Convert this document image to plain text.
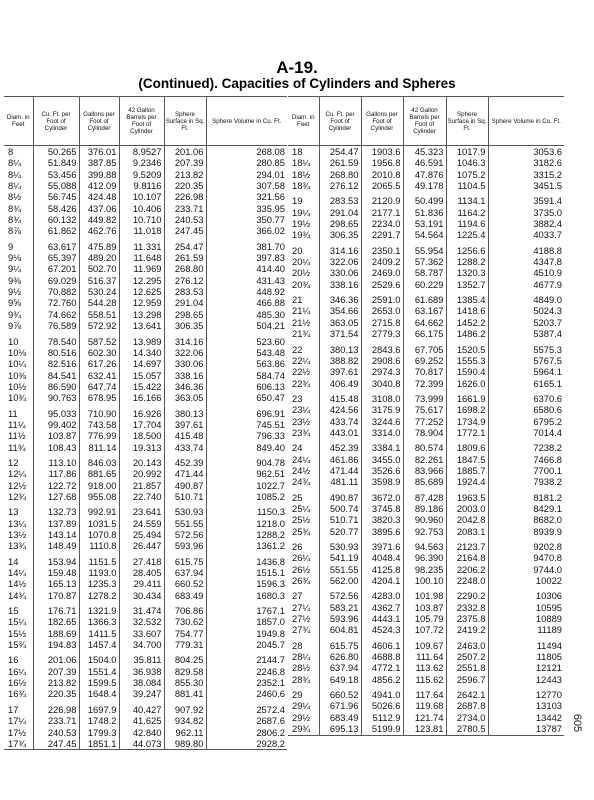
A-19.
(Continued). Capacities of Cylinders and Spheres
Diam. in Feet	Cu. Ft. per Foot of Cylinder	Gallons per Foot of Cylinder	42 Gallon Barrels per Foot of Cylinder	Sphere Surface in Sq. Ft.	Sphere Volume in Cu. Ft.
8	50.265	376.01	8.9527	201.06	268.08
8¼	51.849	387.85	9.2346	207.39	280.85
8¼	53.456	399.88	9.5209	213.82	294.01
8¼	55.088	412.09	9.8116	220.35	307.58
8½	56.745	424.48	10.107	226.98	321.56
8¾	58.426	437.06	10.406	233.71	335.95
8¾	60.132	449.82	10.710	240.53	350.77
8⅞	61.862	462.76	11.018	247.45	366.02

9	63.617	475.89	11.331	254.47	381.70
9⅛	65.397	489.20	11.648	261.59	397.83
9¼	67.201	502.70	11.969	268.80	414.40
9⅜	69.029	516.37	12.295	276.12	431.43
9½	70.882	530.24	12.625	283.53	448.92
9⅝	72.760	544.28	12.959	291.04	466.88
9¾	74.662	558.51	13.298	298.65	485.30
9⅞	76.589	572.92	13.641	306.35	504.21

10	78.540	587.52	13.989	314.16	523.60
10⅛	80.516	602.30	14.340	322.06	543.48
10¼	82.516	617.26	14.697	330.06	563.86
10⅜	84.541	632.41	15.057	338.16	584.74
10½	86.590	647.74	15.422	346.36	606.13
10¾	90.763	678.95	16.166	363.05	650.47

11	95.033	710.90	16.926	380.13	696.91
11¼	99.402	743.58	17.704	397.61	745.51
11½	103.87	776.99	18.500	415.48	796.33
11¾	108.43	811.14	19.313	433.74	849.40

12	113.10	846.03	20.143	452.39	904.78
12¼	117.86	881.65	20.992	471.44	962.51
12½	122.72	918.00	21.857	490.87	1022.7
12¾	127.68	955.08	22.740	510.71	1085.2

13	132.73	992.91	23.641	530.93	1150.3
13¼	137.89	1031.5	24.559	551.55	1218.0
13½	143.14	1070.8	25.494	572.56	1288.2
13¾	148.49	1110.8	26.447	593.96	1361.2

14	153.94	1151.5	27.418	615.75	1436.8
14¼	159.48	1193.0	28.405	637.94	1515.1
14½	165.13	1235.3	29.411	660.52	1596.3
14¾	170.87	1278.2	30.434	683.49	1680.3

15	176.71	1321.9	31.474	706.86	1767.1
15¼	182.65	1366.3	32.532	730.62	1857.0
15½	188.69	1411.5	33.607	754.77	1949.8
15¾	194.83	1457.4	34.700	779.31	2045.7

16	201.06	1504.0	35.811	804.25	2144.7
16¼	207.39	1551.4	36.938	829.58	2246.8
16½	213.82	1599.5	38.084	855.30	2352.1
16¾	220.35	1648.4	39.247	881.41	2460.6

17	226.98	1697.9	40.427	907.92	2572.4
17¼	233.71	1748.2	41.625	934.82	2687.6
17½	240.53	1799.3	42.840	962.11	2806.2
17¾	247.45	1851.1	44.073	989.80	2928.2
Diam. in Feet	Cu. Ft. per Foot of Cylinder	Gallons per Foot of Cylinder	42 Gallon Barrels per Foot of Cylinder	Sphere Surface in Sq. Ft.	Sphere Volume in Cu. Ft.
18	254.47	1903.6	45.323	1017.9	3053.6
18¼	261.59	1956.8	46.591	1046.3	3182.6
18½	268.80	2010.8	47.876	1075.2	3315.2
18¾	276.12	2065.5	49.178	1104.5	3451.5

19	283.53	2120.9	50.499	1134.1	3591.4
19¼	291.04	2177.1	51.836	1164.2	3735.0
19½	298.65	2234.0	53.191	1194.6	3882.4
19¾	306.35	2291.7	54.564	1225.4	4033.7

20	314.16	2350.1	55.954	1256.6	4188.8
20¼	322.06	2409.2	57.362	1288.2	4347.8
20½	330.06	2469.0	58.787	1320.3	4510.9
20¾	338.16	2529.6	60.229	1352.7	4677.9

21	346.36	2591.0	61.689	1385.4	4849.0
21¼	354.66	2653.0	63.167	1418.6	5024.3
21½	363.05	2715.8	64.662	1452.2	5203.7
21¾	371.54	2779.3	66.175	1486.2	5387.4

22	380.13	2843.6	67.705	1520.5	5575.3
22¼	388.82	2908.6	69.252	1555.3	5767.5
22½	397.61	2974.3	70.817	1590.4	5964.1
22¾	406.49	3040.8	72.399	1626.0	6165.1

23	415.48	3108.0	73.999	1661.9	6370.6
23¼	424.56	3175.9	75.617	1698.2	6580.6
23½	433.74	3244.6	77.252	1734.9	6795.2
23¾	443.01	3314.0	78.904	1772.1	7014.4

24	452.39	3384.1	80.574	1809.6	7238.2
24¼	461.86	3455.0	82.261	1847.5	7466.8
24½	471.44	3526.6	83.966	1885.7	7700.1
24¾	481.11	3598.9	85.689	1924.4	7938.2

25	490.87	3672.0	87.428	1963.5	8181.2
25¼	500.74	3745.8	89.186	2003.0	8429.1
25½	510.71	3820.3	90.960	2042.8	8682.0
25¾	520.77	3895.6	92.753	2083.1	8939.9

26	530.93	3971.6	94.563	2123.7	9202.8
26¼	541.19	4048.4	96.390	2164.8	9470.8
26½	551.55	4125.8	98.235	2206.2	9744.0
26¾	562.00	4204.1	100.10	2248.0	10022

27	572.56	4283.0	101.98	2290.2	10306
27¼	583.21	4362.7	103.87	2332.8	10595
27½	593.96	4443.1	105.79	2375.8	10889
27¾	604.81	4524.3	107.72	2419.2	11189

28	615.75	4606.1	109.67	2463.0	11494
28¼	626.80	4688.8	111.64	2507.2	11805
28½	637.94	4772.1	113.62	2551.8	12121
28¾	649.18	4856.2	115.62	2596.7	12443

29	660.52	4941.0	117.64	2642.1	12770
29¼	671.96	5026.6	119.68	2687.8	13103
29½	683.49	5112.9	121.74	2734.0	13442
29¾	695.13	5199.9	123.81	2780.5	13787 605
